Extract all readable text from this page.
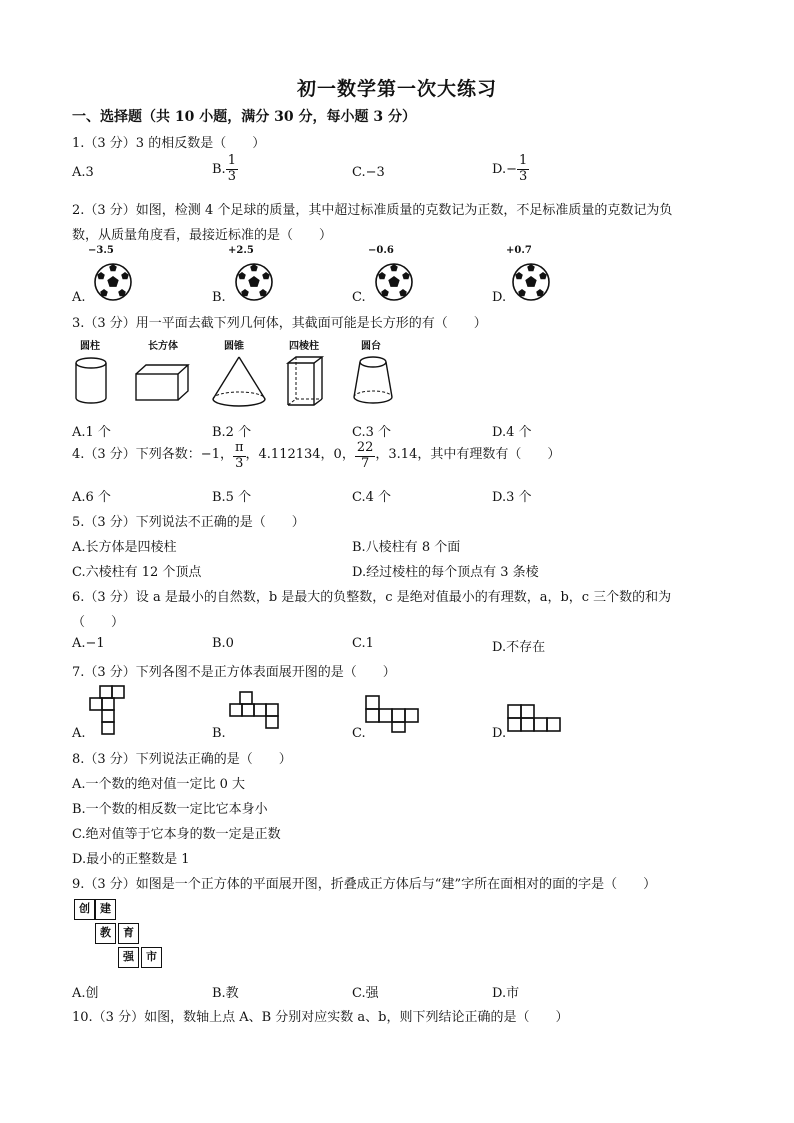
初一数学第一次大练习
一、选择题（共 10 小题，满分 30 分，每小题 3 分）
1.（3 分）3 的相反数是（　　）
A.3	B. $\frac{1}{3}$	C.−3	$D.- \frac{1}{3}$
2.（3 分）如图，检测 4 个足球的质量，其中超过标准质量的克数记为正数，不足标准质量的克数记为负
数，从质量角度看，最接近标准的是（　　）
−3.5	+2.5	−0.6	+0.7
A.	B.	C.	D.
3.（3 分）用一平面去截下列几何体，其截面可能是长方形的有（　　）
圆柱	长方体	圆锥	四棱柱	圆台
A.1 个	B.2 个	C.3 个	D.4 个
4.（3 分）下列各数：−1， $\frac{\pi}{3}$ ，4.112134，0， $\frac{22}{7}$ ，3.14，其中有理数有（　　）
A.6 个	B.5 个	C.4 个	D.3 个
5.（3 分）下列说法不正确的是（　　）
A.长方体是四棱柱	B.八棱柱有 8 个面
C.六棱柱有 12 个顶点	D.经过棱柱的每个顶点有 3 条棱
6.（3 分）设 a 是最小的自然数，b 是最大的负整数，c 是绝对值最小的有理数，a，b，c 三个数的和为
（　　）
A.−1	B.0	C.1	D.不存在
7.（3 分）下列各图不是正方体表面展开图的是（　　）
A.	B.	C.	D.
8.（3 分）下列说法正确的是（　　）
A.一个数的绝对值一定比 0 大
B.一个数的相反数一定比它本身小
C.绝对值等于它本身的数一定是正数
D.最小的正整数是 1
9.（3 分）如图是一个正方体的平面展开图，折叠成正方体后与“建”字所在面相对的面的字是（　　）
创 建
教	育
强	市
A.创	B.教	C.强	D.市
10.（3 分）如图，数轴上点 A、B 分别对应实数 a、b，则下列结论正确的是（　　）
